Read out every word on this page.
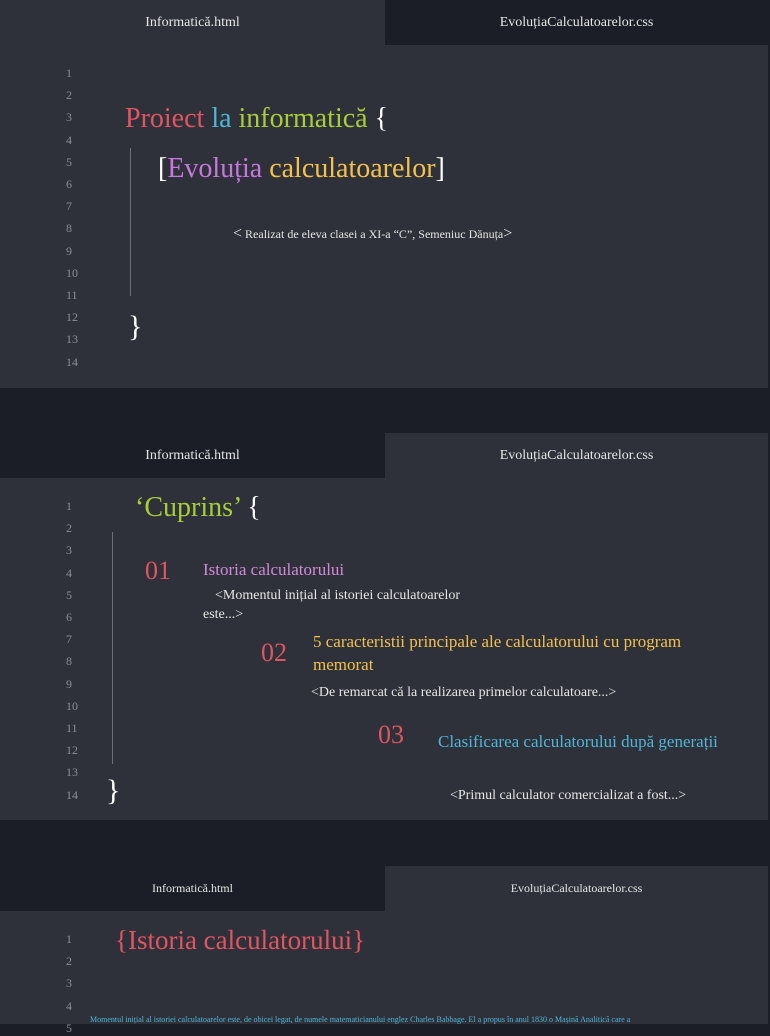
Informatică.html	EvoluțiaCalculatoarelor.css
1
2
3
4
5
6
7
8
9
10
11
12
13
14
Proiect la informatică {
[Evoluția calculatoarelor]
< Realizat de eleva clasei a XI-a “C”, Semeniuc Dănuța>
}
Informatică.html	EvoluțiaCalculatoarelor.css
1
2
3
4
5
6
7
8
9
10
11
12
13
14
‘Cuprins’ {
01 Istoria calculatorului
<Momentul inițial al istoriei calculatoarelor este...>
02 5 caracteristii principale ale calculatorului cu program memorat
<De remarcat că la realizarea primelor calculatoare...>
03 Clasificarea calculatorului după generații
<Primul calculator comercializat a fost...>
}
Informatică.html	EvoluțiaCalculatoarelor.css
1
2
3
4
5
{Istoria calculatorului}
Momentul inițial al istoriei calculatoarelor este, de obicei legat, de numele matematicianului englez Charles Babbage. El a propus în anul 1830 o Mașină Analitică care a
